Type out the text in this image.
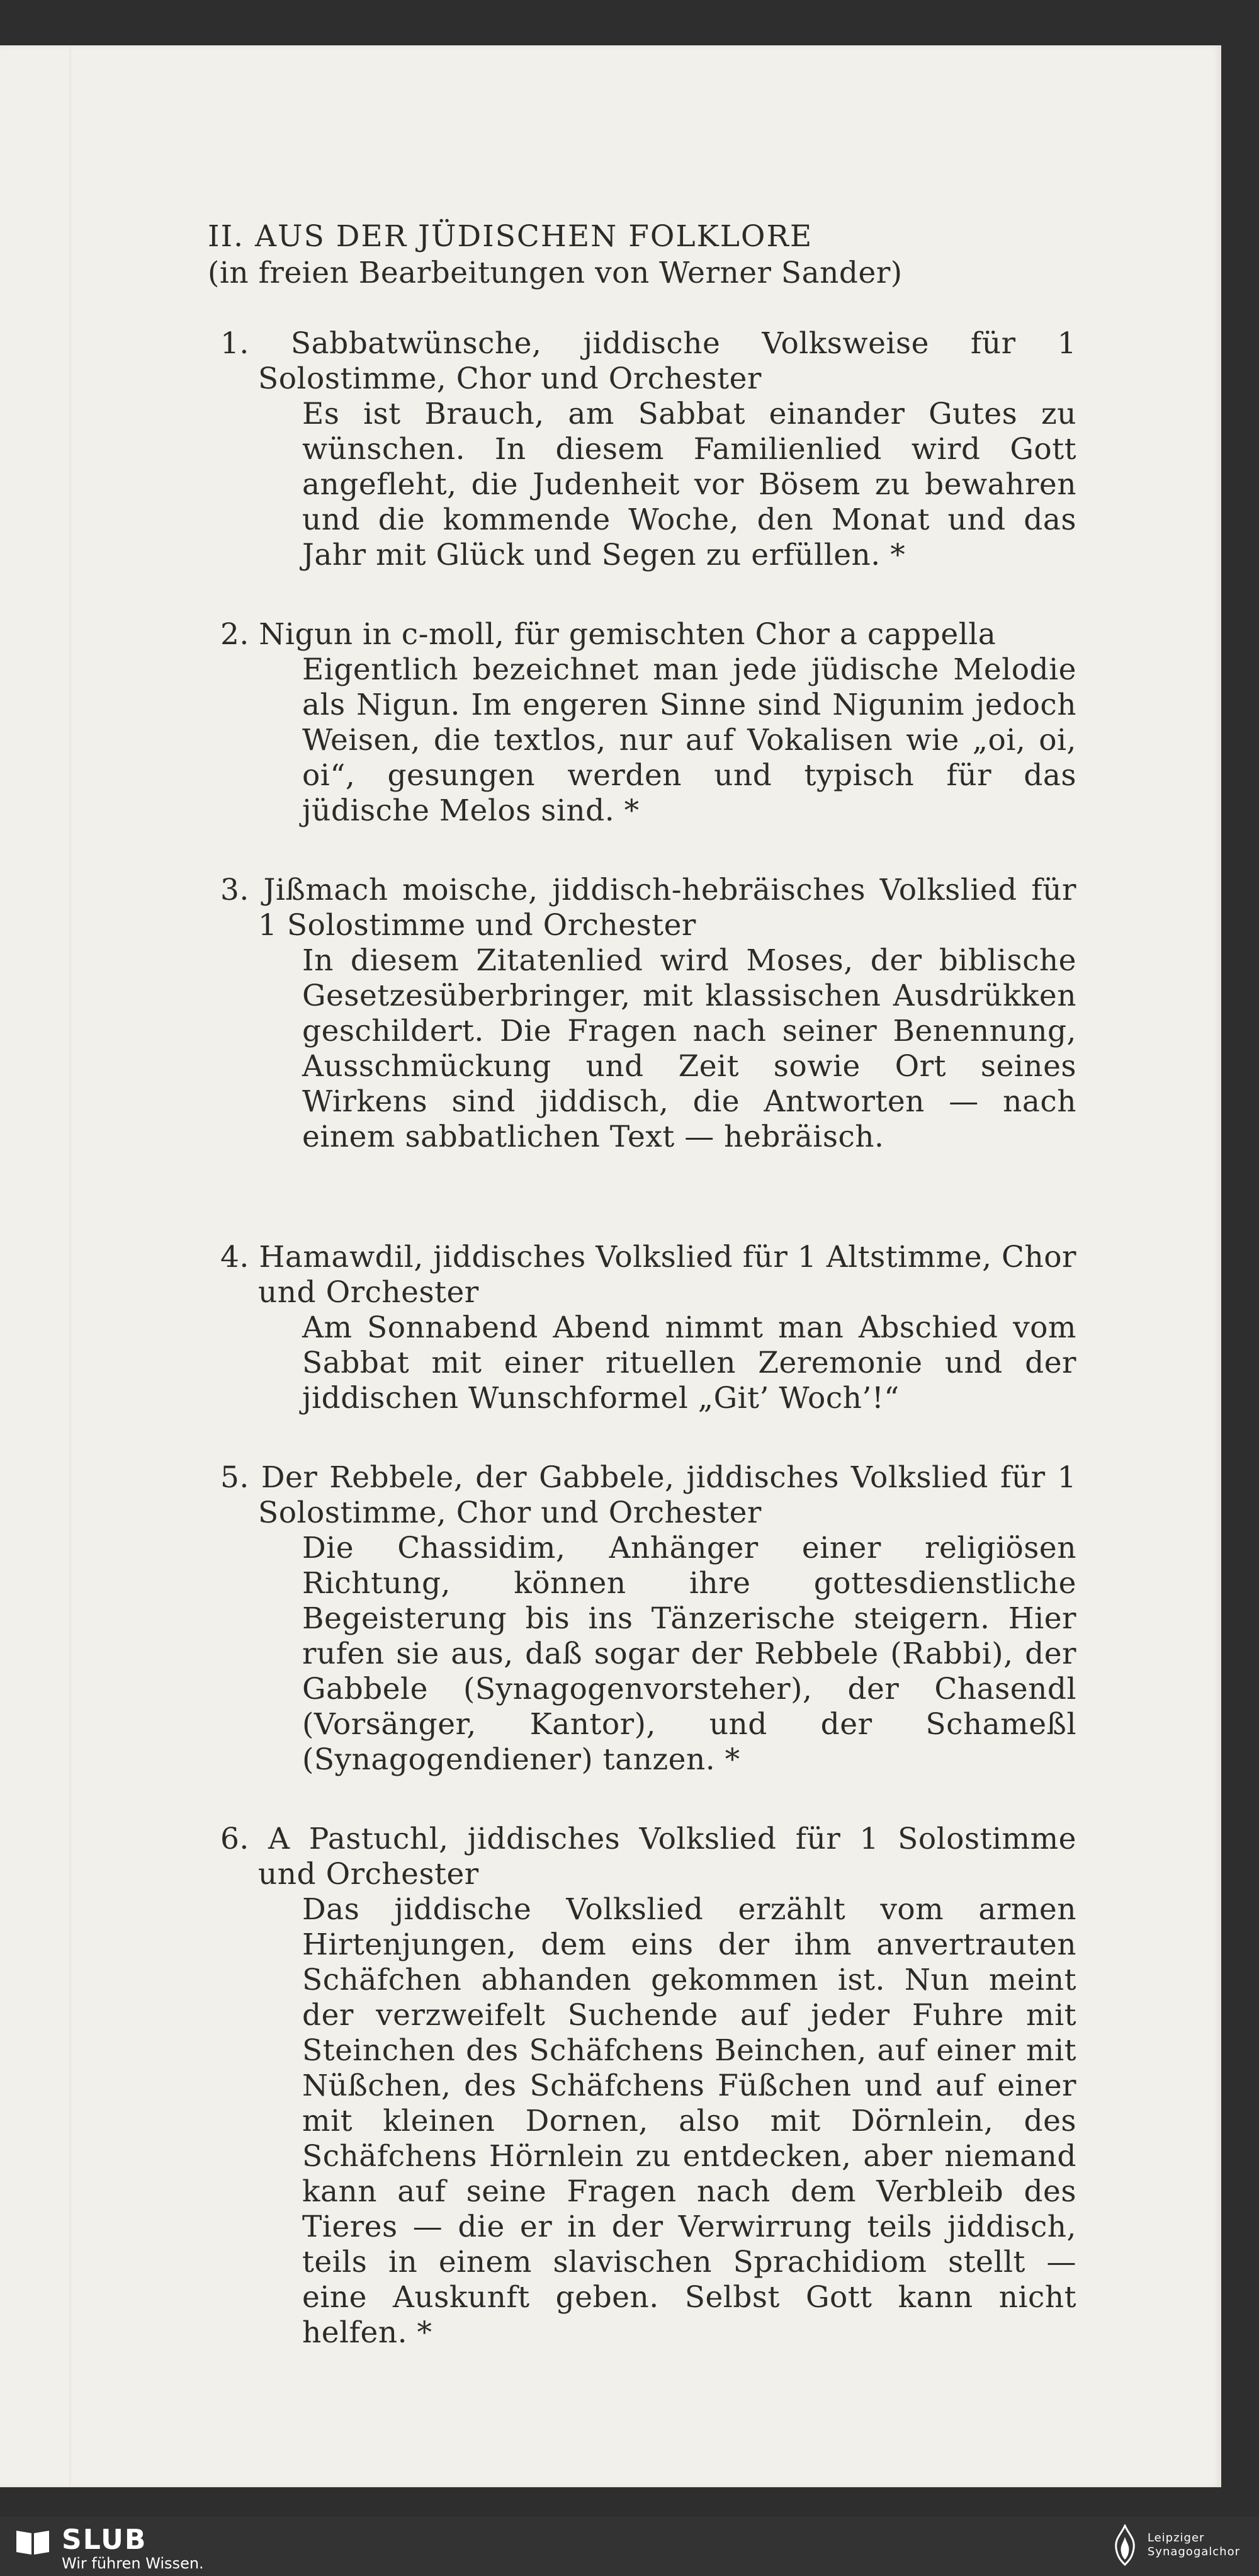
II. AUS DER JÜDISCHEN FOLKLORE
(in freien Bearbeitungen von Werner Sander)
1. Sabbatwünsche, jiddische Volksweise für 1 Solostimme, Chor und Orchester
Es ist Brauch, am Sabbat einander Gutes zu wünschen. In diesem Familienlied wird Gott angefleht, die Judenheit vor Bösem zu bewahren und die kommende Woche, den Monat und das Jahr mit Glück und Segen zu erfüllen. *
2. Nigun in c-moll, für gemischten Chor a cappella
Eigentlich bezeichnet man jede jüdische Melodie als Nigun. Im engeren Sinne sind Nigunim jedoch Weisen, die textlos, nur auf Vokalisen wie „oi, oi, oi“, gesungen werden und typisch für das jüdische Melos sind. *
3. Jißmach moische, jiddisch-hebräisches Volkslied für 1 Solostimme und Orchester
In diesem Zitatenlied wird Moses, der biblische Gesetzesüberbringer, mit klassischen Ausdrükken geschildert. Die Fragen nach seiner Benennung, Ausschmückung und Zeit sowie Ort seines Wirkens sind jiddisch, die Antworten — nach einem sabbatlichen Text — hebräisch.
4. Hamawdil, jiddisches Volkslied für 1 Altstimme, Chor und Orchester
Am Sonnabend Abend nimmt man Abschied vom Sabbat mit einer rituellen Zeremonie und der jiddischen Wunschformel „Git’ Woch’!“
5. Der Rebbele, der Gabbele, jiddisches Volkslied für 1 Solostimme, Chor und Orchester
Die Chassidim, Anhänger einer religiösen Richtung, können ihre gottesdienstliche Begeisterung bis ins Tänzerische steigern. Hier rufen sie aus, daß sogar der Rebbele (Rabbi), der Gabbele (Synagogenvorsteher), der Chasendl (Vorsänger, Kantor), und der Schameßl (Synagogendiener) tanzen. *
6. A Pastuchl, jiddisches Volkslied für 1 Solostimme und Orchester
Das jiddische Volkslied erzählt vom armen Hirtenjungen, dem eins der ihm anvertrauten Schäfchen abhanden gekommen ist. Nun meint der verzweifelt Suchende auf jeder Fuhre mit Steinchen des Schäfchens Beinchen, auf einer mit Nüßchen, des Schäfchens Füßchen und auf einer mit kleinen Dornen, also mit Dörnlein, des Schäfchens Hörnlein zu entdecken, aber niemand kann auf seine Fragen nach dem Verbleib des Tieres — die er in der Verwirrung teils jiddisch, teils in einem slavischen Sprachidiom stellt — eine Auskunft geben. Selbst Gott kann nicht helfen. *
SLUB
Wir führen Wissen.
Leipziger
Synagogalchor
